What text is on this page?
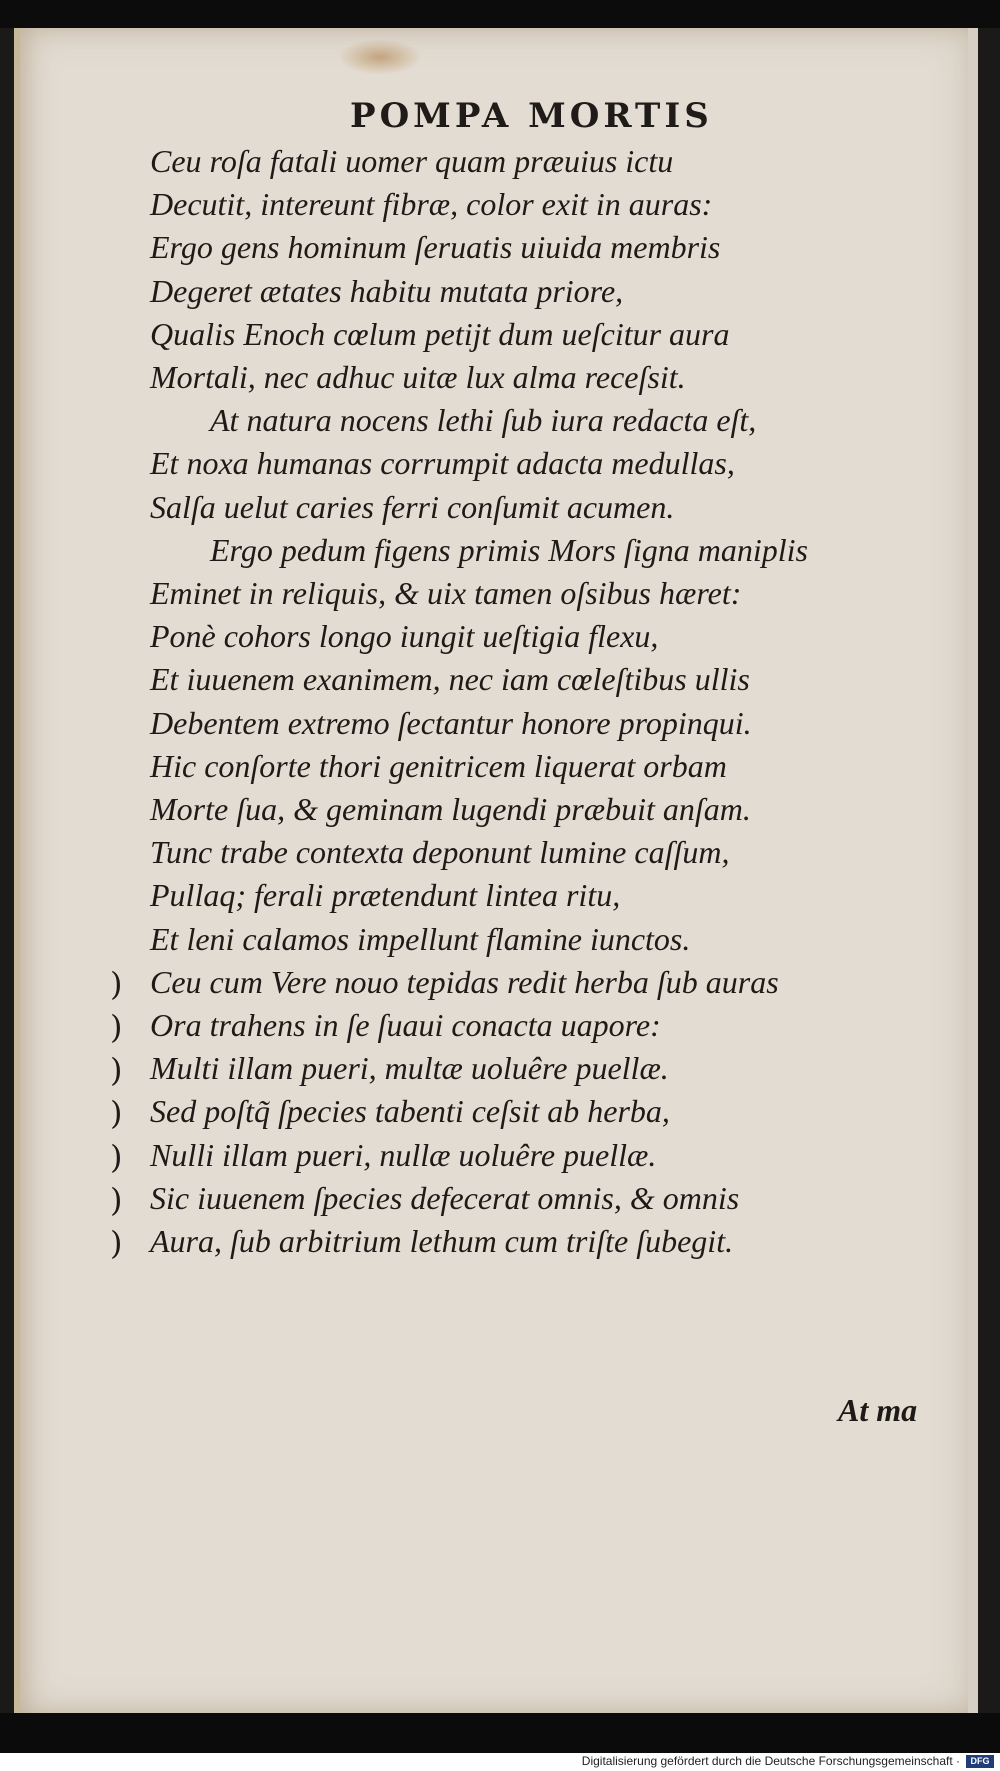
POMPA MORTIS
Ceu roſa fatali uomer quam præuius ictu
Decutit, intereunt fibræ, color exit in auras:
Ergo gens hominum ſeruatis uiuida membris
Degeret ætates habitu mutata priore,
Qualis Enoch cœlum petijt dum ueſcitur aura
Mortali, nec adhuc uitæ lux alma receſsit.
At natura nocens lethi ſub iura redacta eſt,
Et noxa humanas corrumpit adacta medullas,
Salſa uelut caries ferri conſumit acumen.
Ergo pedum figens primis Mors ſigna maniplis
Eminet in reliquis, & uix tamen oſsibus hæret:
Ponè cohors longo iungit ueſtigia flexu,
Et iuuenem exanimem, nec iam cœleſtibus ullis
Debentem extremo ſectantur honore propinqui.
Hic conſorte thori genitricem liquerat orbam
Morte ſua, & geminam lugendi præbuit anſam.
Tunc trabe contexta deponunt lumine caſſum,
Pullaq; ferali prætendunt lintea ritu,
Et leni calamos impellunt flamine iunctos.
) Ceu cum Vere nouo tepidas redit herba ſub auras
) Ora trahens in ſe ſuaui conacta uapore:
) Multi illam pueri, multæ uoluêre puellæ.
) Sed poſtq̃ ſpecies tabenti ceſsit ab herba,
) Nulli illam pueri, nullæ uoluêre puellæ.
) Sic iuuenem ſpecies defecerat omnis, & omnis
) Aura, ſub arbitrium lethum cum triſte ſubegit.
At ma
Digitalisierung gefördert durch die Deutsche Forschungsgemeinschaft ·	DFG
